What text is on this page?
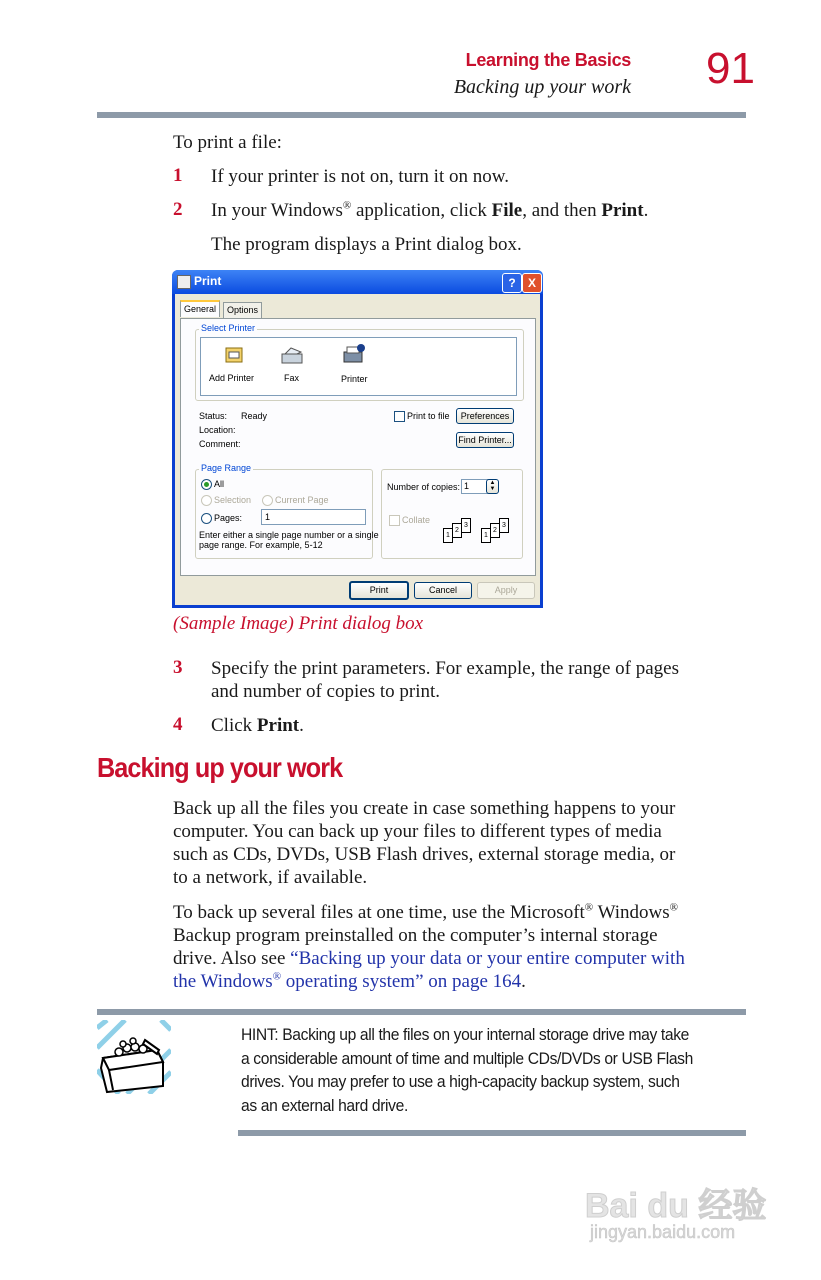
Learning the Basics
Backing up your work 91
To print a file:
1 If your printer is not on, turn it on now.
2 In your Windows® application, click File, and then Print.
The program displays a Print dialog box.
Print	?	X
General	Options
Select Printer
Add Printer	Fax	Printer
Status: Ready
Location:
Comment:
Print to file	Preferences
Find Printer...
Page Range
All
Selection	Current Page
Pages:	1
Enter either a single page number or a single
page range. For example, 5-12
Number of copies: 1	▲
▼
Collate
1
2
3
1
2
3
Print	Cancel	Apply
(Sample Image) Print dialog box
3 Specify the print parameters. For example, the range of pages
and number of copies to print.
4 Click Print.
Backing up your work
Back up all the files you create in case something happens to your
computer. You can back up your files to different types of media
such as CDs, DVDs, USB Flash drives, external storage media, or
to a network, if available.
To back up several files at one time, use the Microsoft® Windows®
Backup program preinstalled on the computer’s internal storage
drive. Also see “Backing up your data or your entire computer with
the Windows® operating system” on page 164.
HINT: Backing up all the files on your internal storage drive may take
a considerable amount of time and multiple CDs/DVDs or USB Flash
drives. You may prefer to use a high-capacity backup system, such
as an external hard drive.
Bai du 经验
jingyan.baidu.com
